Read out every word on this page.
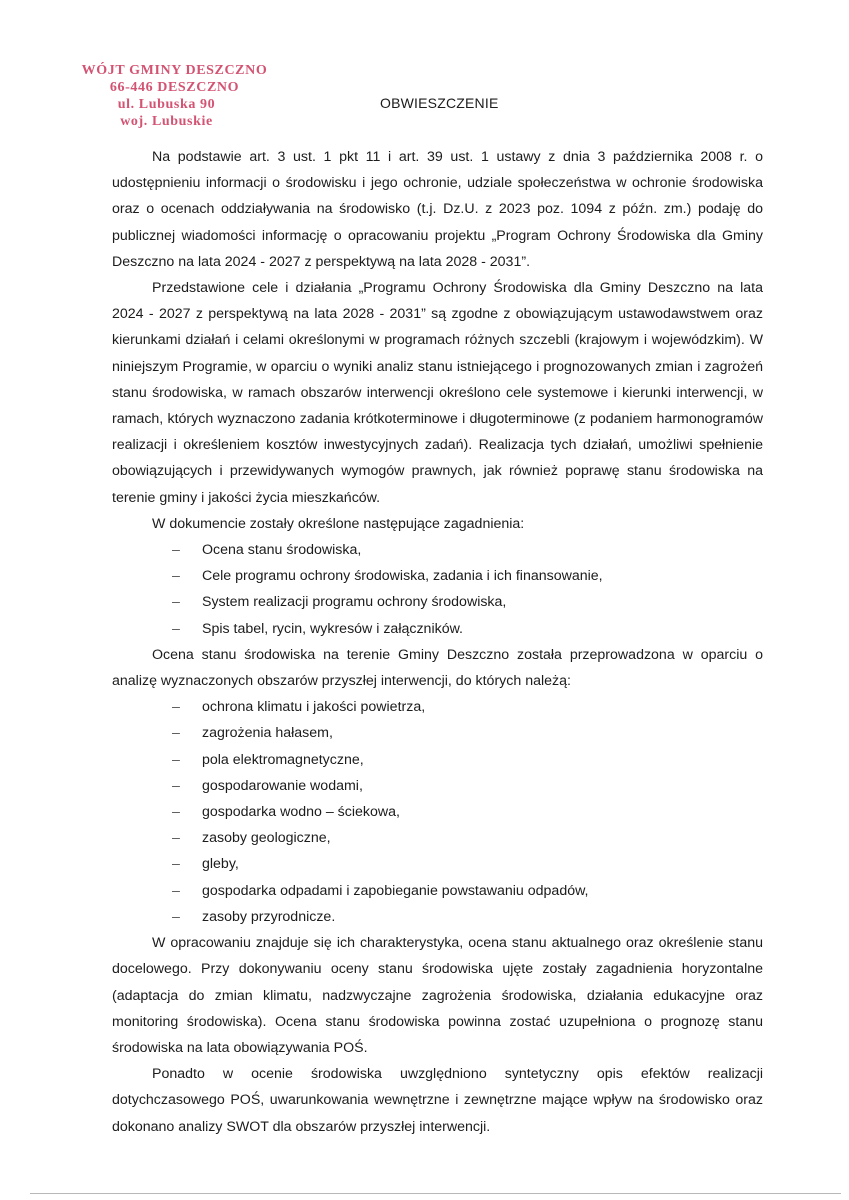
WÓJT GMINY DESZCZNO
66-446 DESZCZNO
ul. Lubuska 90
woj. Lubuskie
OBWIESZCZENIE

Na podstawie art. 3 ust. 1 pkt 11 i art. 39 ust. 1 ustawy z dnia 3 października 2008 r. o udostępnieniu informacji o środowisku i jego ochronie, udziale społeczeństwa w ochronie środowiska oraz o ocenach oddziaływania na środowisko (t.j. Dz.U. z 2023 poz. 1094 z późn. zm.) podaję do publicznej wiadomości informację o opracowaniu projektu „Program Ochrony Środowiska dla Gminy Deszczno na lata 2024 - 2027 z perspektywą na lata 2028 - 2031”.

Przedstawione cele i działania „Programu Ochrony Środowiska dla Gminy Deszczno na lata 2024 - 2027 z perspektywą na lata 2028 - 2031” są zgodne z obowiązującym ustawodawstwem oraz kierunkami działań i celami określonymi w programach różnych szczebli (krajowym i wojewódzkim). W niniejszym Programie, w oparciu o wyniki analiz stanu istniejącego i prognozowanych zmian i zagrożeń stanu środowiska, w ramach obszarów interwencji określono cele systemowe i kierunki interwencji, w ramach, których wyznaczono zadania krótkoterminowe i długoterminowe (z podaniem harmonogramów realizacji i określeniem kosztów inwestycyjnych zadań). Realizacja tych działań, umożliwi spełnienie obowiązujących i przewidywanych wymogów prawnych, jak również poprawę stanu środowiska na terenie gminy i jakości życia mieszkańców.

W dokumencie zostały określone następujące zagadnienia:

– Ocena stanu środowiska,
– Cele programu ochrony środowiska, zadania i ich finansowanie,
– System realizacji programu ochrony środowiska,
– Spis tabel, rycin, wykresów i załączników.

Ocena stanu środowiska na terenie Gminy Deszczno została przeprowadzona w oparciu o analizę wyznaczonych obszarów przyszłej interwencji, do których należą:

– ochrona klimatu i jakości powietrza,
– zagrożenia hałasem,
– pola elektromagnetyczne,
– gospodarowanie wodami,
– gospodarka wodno – ściekowa,
– zasoby geologiczne,
– gleby,
– gospodarka odpadami i zapobieganie powstawaniu odpadów,
– zasoby przyrodnicze.

W opracowaniu znajduje się ich charakterystyka, ocena stanu aktualnego oraz określenie stanu docelowego. Przy dokonywaniu oceny stanu środowiska ujęte zostały zagadnienia horyzontalne (adaptacja do zmian klimatu, nadzwyczajne zagrożenia środowiska, działania edukacyjne oraz monitoring środowiska). Ocena stanu środowiska powinna zostać uzupełniona o prognozę stanu środowiska na lata obowiązywania POŚ.

Ponadto w ocenie środowiska uwzględniono syntetyczny opis efektów realizacji dotychczasowego POŚ, uwarunkowania wewnętrzne i zewnętrzne mające wpływ na środowisko oraz dokonano analizy SWOT dla obszarów przyszłej interwencji.
